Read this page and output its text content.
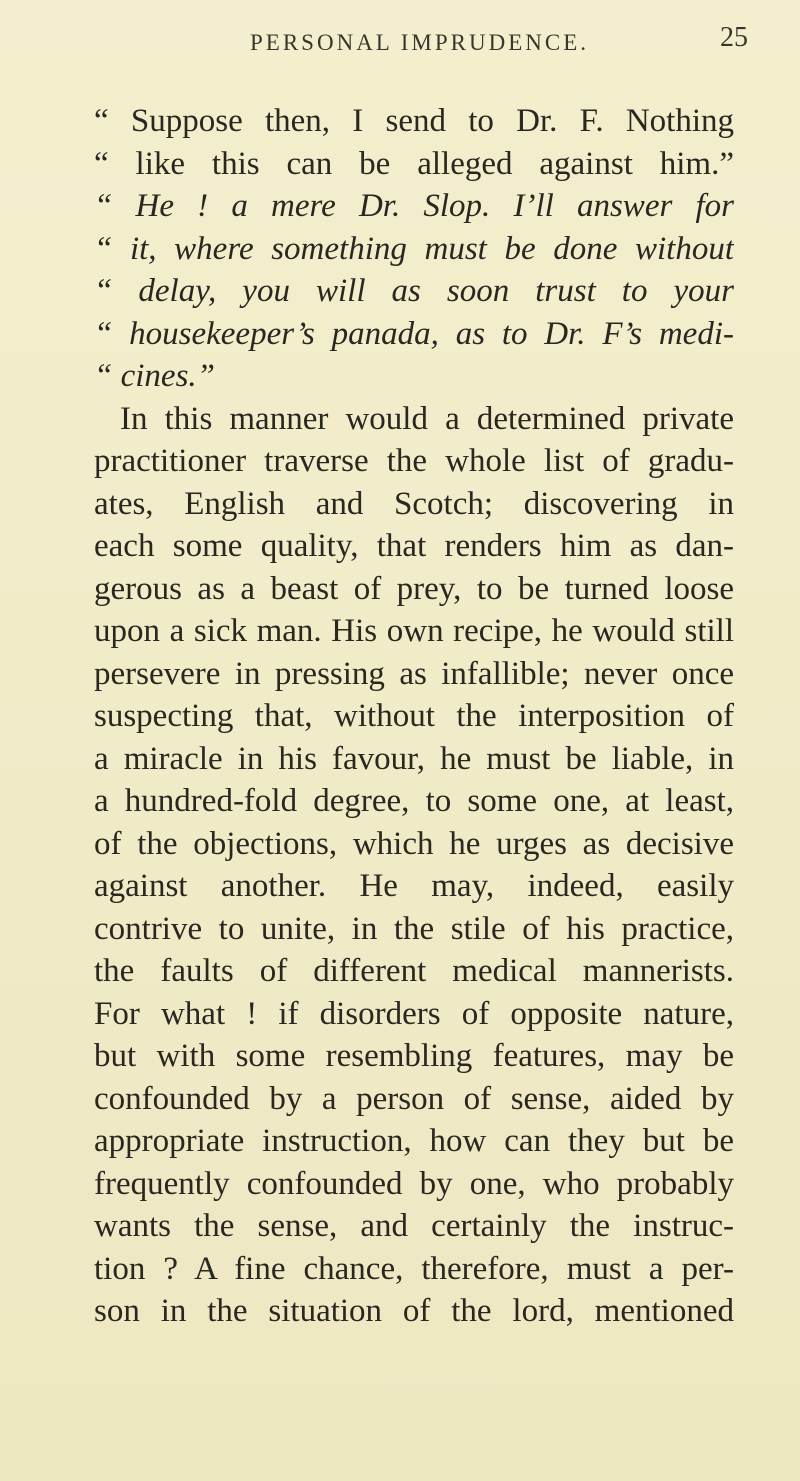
PERSONAL IMPRUDENCE.	25
“ Suppose then, I send to Dr. F. Nothing
“ like this can be alleged against him.”
“ He ! a mere Dr. Slop. I’ll answer for
“ it, where something must be done without
“ delay, you will as soon trust to your
“ housekeeper’s panada, as to Dr. F’s medi-
“ cines.”
In this manner would a determined private
practitioner traverse the whole list of gradu-
ates, English and Scotch; discovering in
each some quality, that renders him as dan-
gerous as a beast of prey, to be turned loose
upon a sick man. His own recipe, he would still
persevere in pressing as infallible; never once
suspecting that, without the interposition of
a miracle in his favour, he must be liable, in
a hundred-fold degree, to some one, at least,
of the objections, which he urges as decisive
against another. He may, indeed, easily
contrive to unite, in the stile of his practice,
the faults of different medical mannerists.
For what ! if disorders of opposite nature,
but with some resembling features, may be
confounded by a person of sense, aided by
appropriate instruction, how can they but be
frequently confounded by one, who probably
wants the sense, and certainly the instruc-
tion ? A fine chance, therefore, must a per-
son in the situation of the lord, mentioned
